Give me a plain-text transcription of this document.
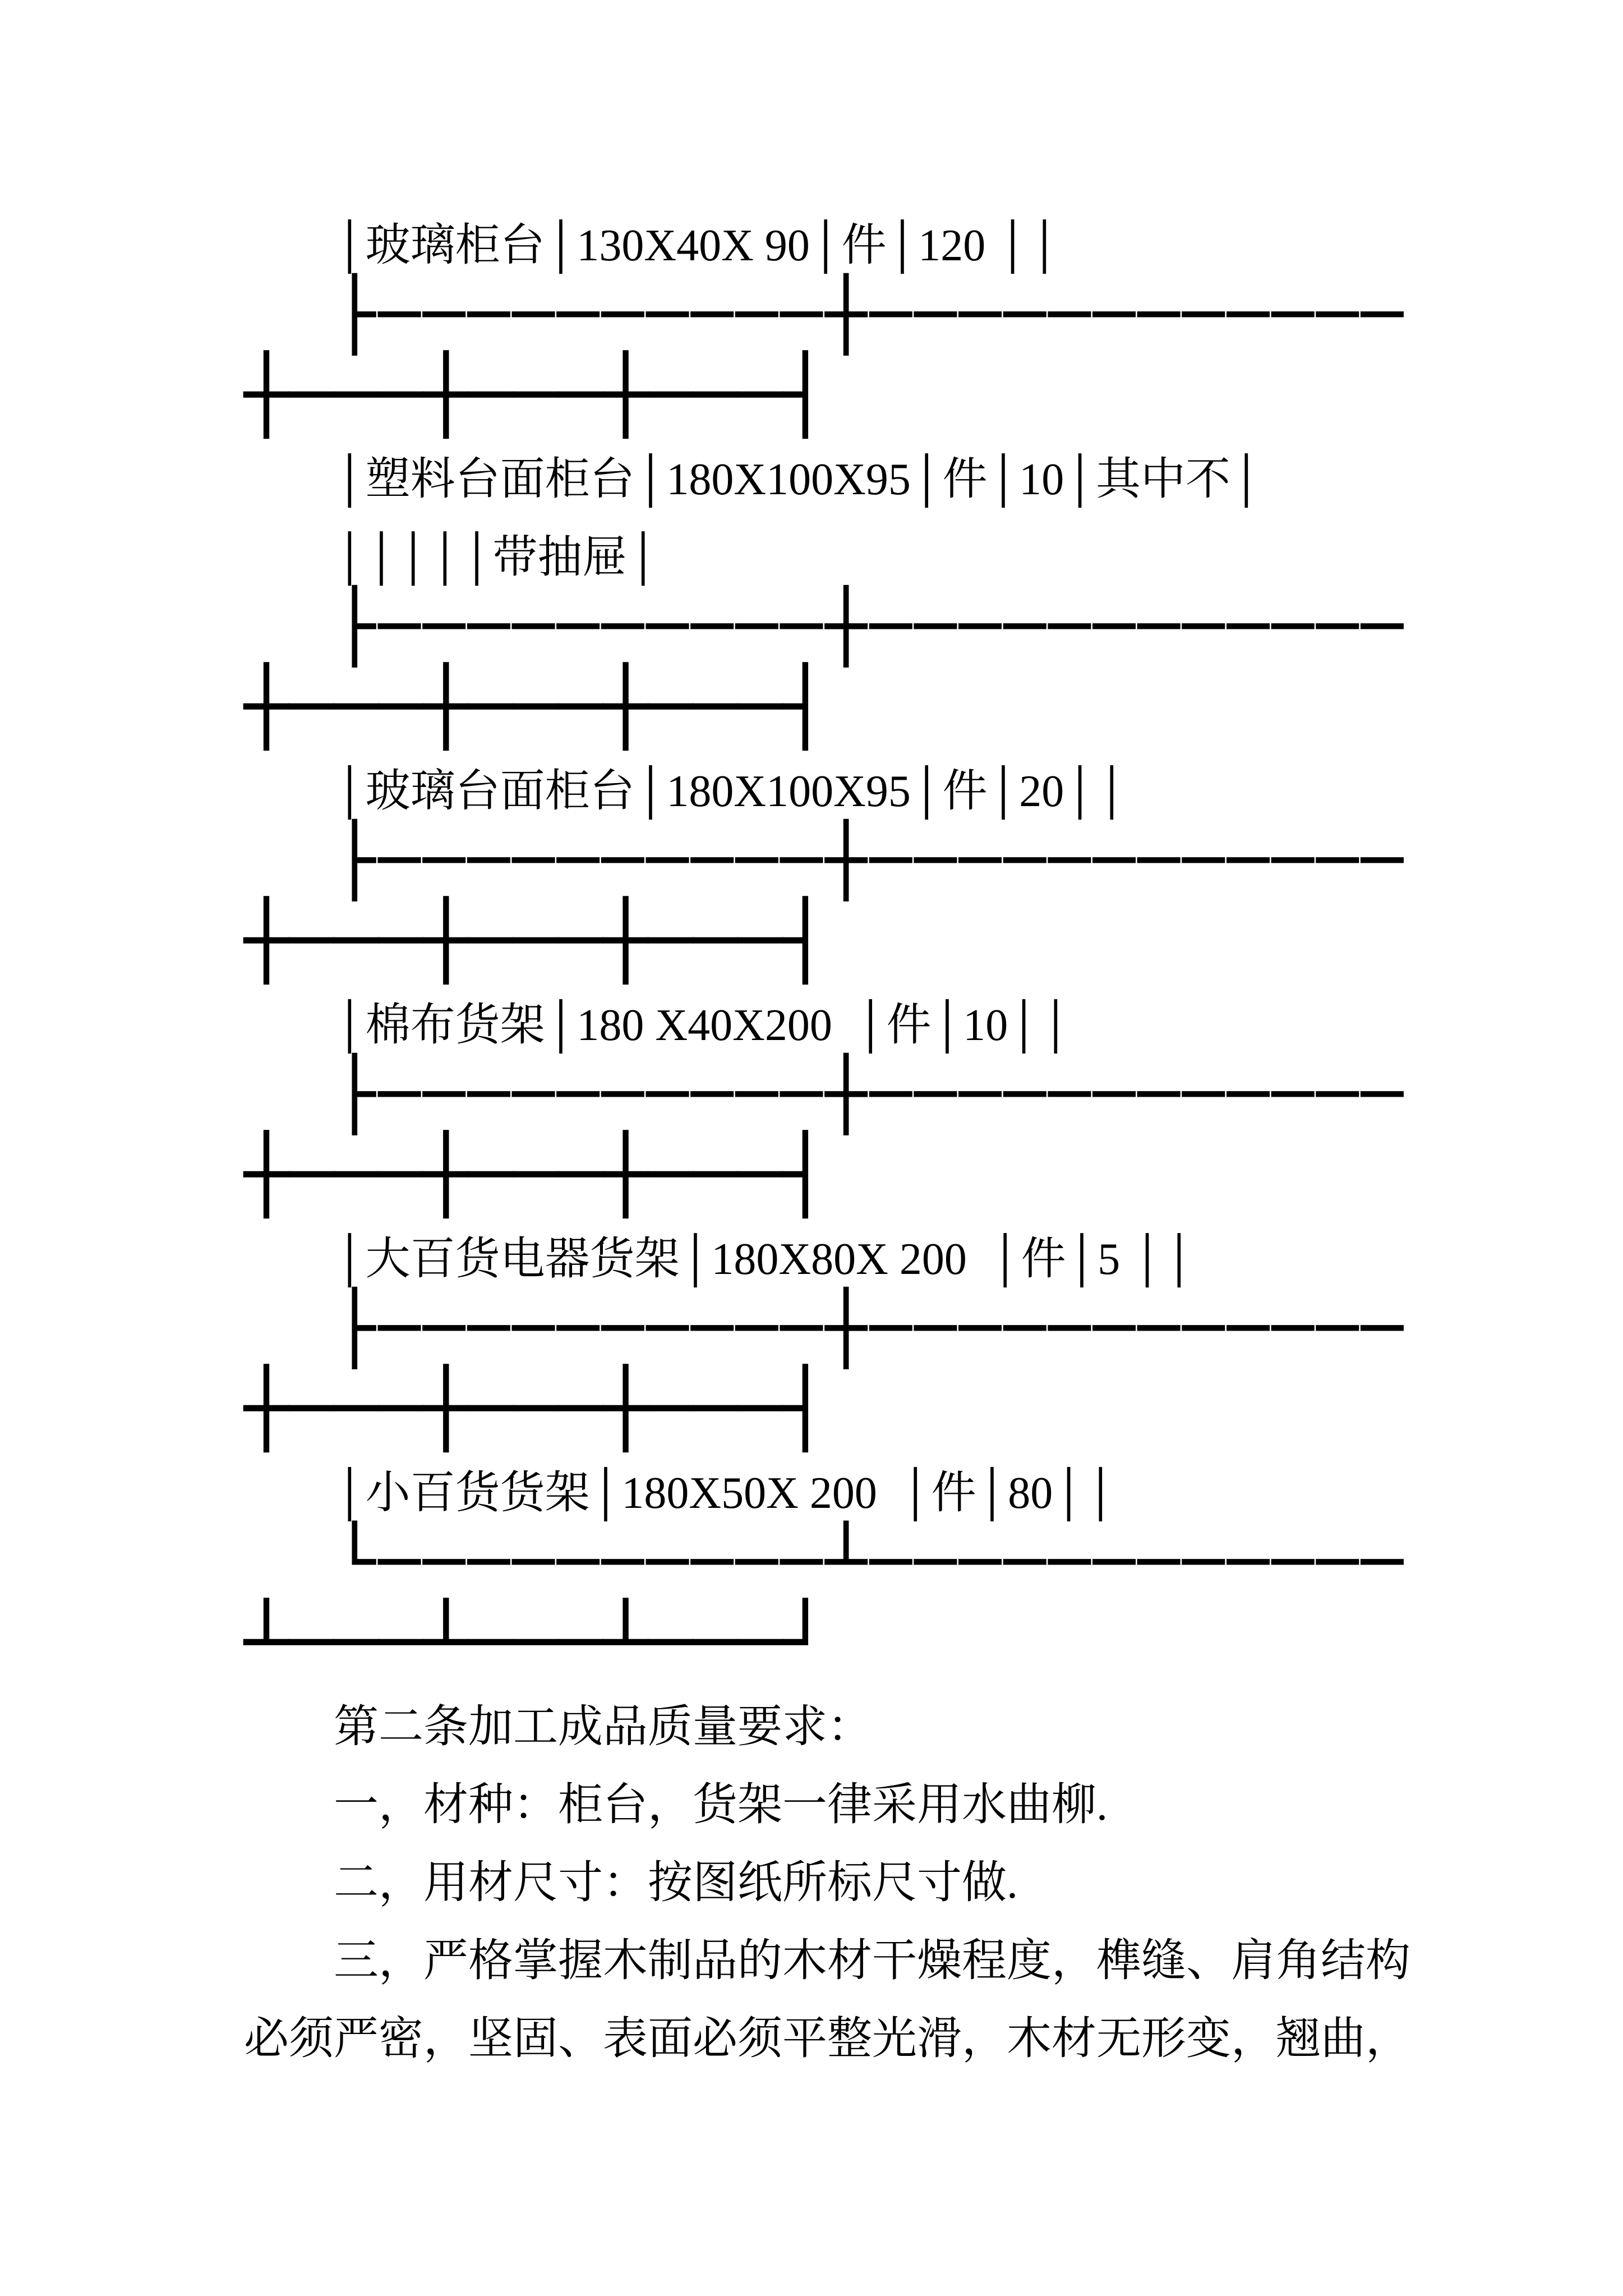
│玻璃柜台│130X40X 90│件│120 ││
├──────────┼────────────
┼───┼───┼───┤
│塑料台面柜台│180X100X95│件│10│其中不│
│││││带抽屉│
├──────────┼────────────
┼───┼───┼───┤
│玻璃台面柜台│180X100X95│件│20││
├──────────┼────────────
┼───┼───┼───┤
│棉布货架│180 X40X200  │件│10││
├──────────┼────────────
┼───┼───┼───┤
│大百货电器货架│180X80X 200  │件│5 ││
├──────────┼────────────
┼───┼───┼───┤
│小百货货架│180X50X 200  │件│80││
└──────────┴────────────
┴───┴───┴───┘
第二条加工成品质量要求：
一，材种：柜台，货架一律采用水曲柳.
二，用材尺寸：按图纸所标尺寸做.
三，严格掌握木制品的木材干燥程度，榫缝、肩角结构
必须严密，坚固、表面必须平整光滑，木材无形变，翘曲，
